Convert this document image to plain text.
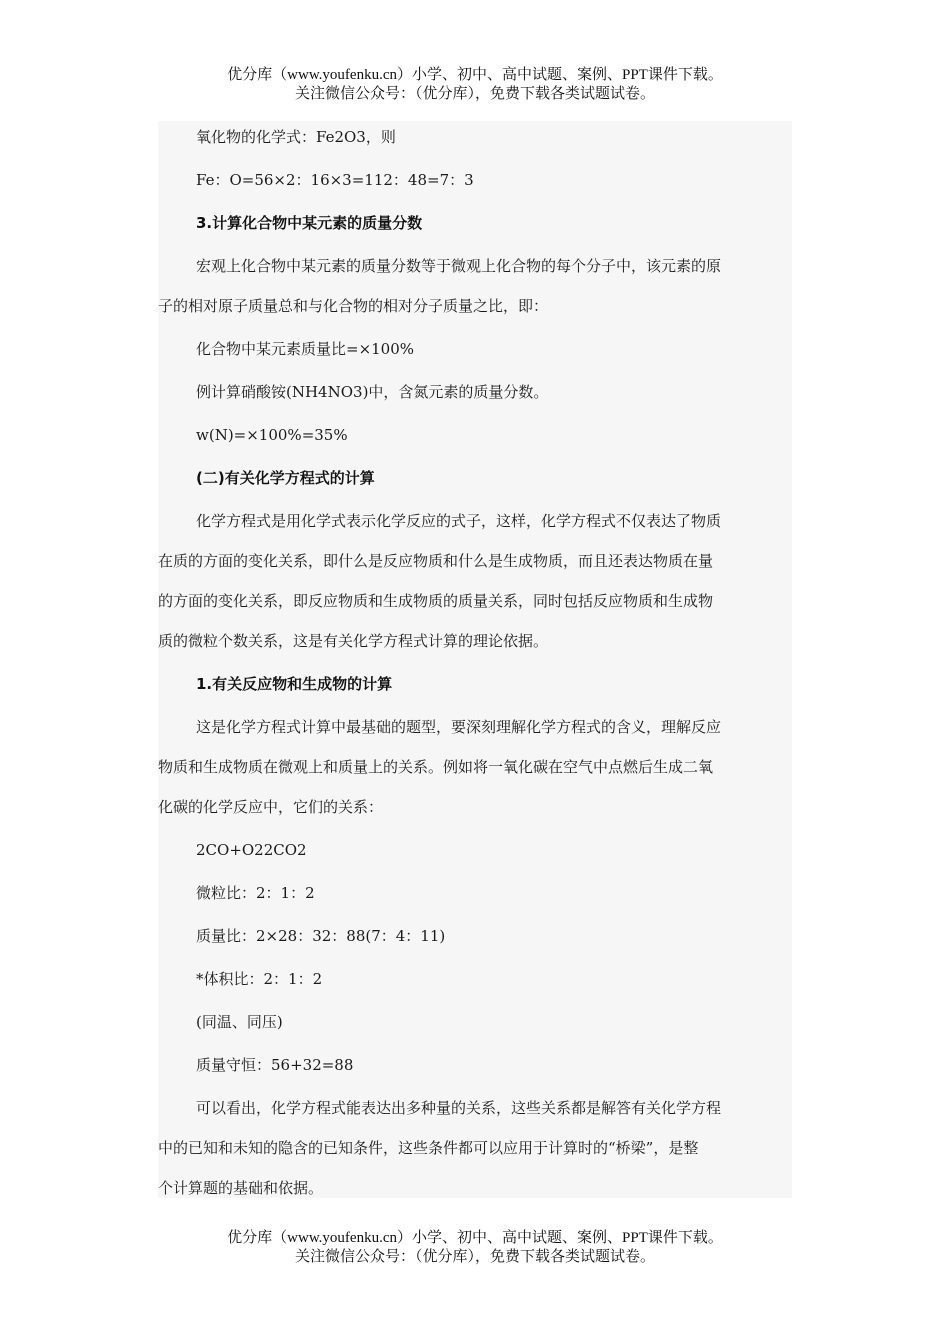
优分库（www.youfenku.cn）小学、初中、高中试题、案例、PPT课件下载。
关注微信公众号：（优分库），免费下载各类试题试卷。
氧化物的化学式：Fe2O3，则
Fe：O=56×2：16×3=112：48=7：3
3.计算化合物中某元素的质量分数
宏观上化合物中某元素的质量分数等于微观上化合物的每个分子中，该元素的原
子的相对原子质量总和与化合物的相对分子质量之比，即：
化合物中某元素质量比=×100%
例计算硝酸铵(NH4NO3)中，含氮元素的质量分数。
w(N)=×100%=35%
(二)有关化学方程式的计算
化学方程式是用化学式表示化学反应的式子，这样，化学方程式不仅表达了物质
在质的方面的变化关系，即什么是反应物质和什么是生成物质，而且还表达物质在量
的方面的变化关系，即反应物质和生成物质的质量关系，同时包括反应物质和生成物
质的微粒个数关系，这是有关化学方程式计算的理论依据。
1.有关反应物和生成物的计算
这是化学方程式计算中最基础的题型，要深刻理解化学方程式的含义，理解反应
物质和生成物质在微观上和质量上的关系。例如将一氧化碳在空气中点燃后生成二氧
化碳的化学反应中，它们的关系：
2CO+O22CO2
微粒比：2：1：2
质量比：2×28：32：88(7：4：11)
*体积比：2：1：2
(同温、同压)
质量守恒：56+32=88
可以看出，化学方程式能表达出多种量的关系，这些关系都是解答有关化学方程
中的已知和未知的隐含的已知条件，这些条件都可以应用于计算时的“桥梁”，是整
个计算题的基础和依据。
优分库（www.youfenku.cn）小学、初中、高中试题、案例、PPT课件下载。
关注微信公众号：（优分库），免费下载各类试题试卷。
